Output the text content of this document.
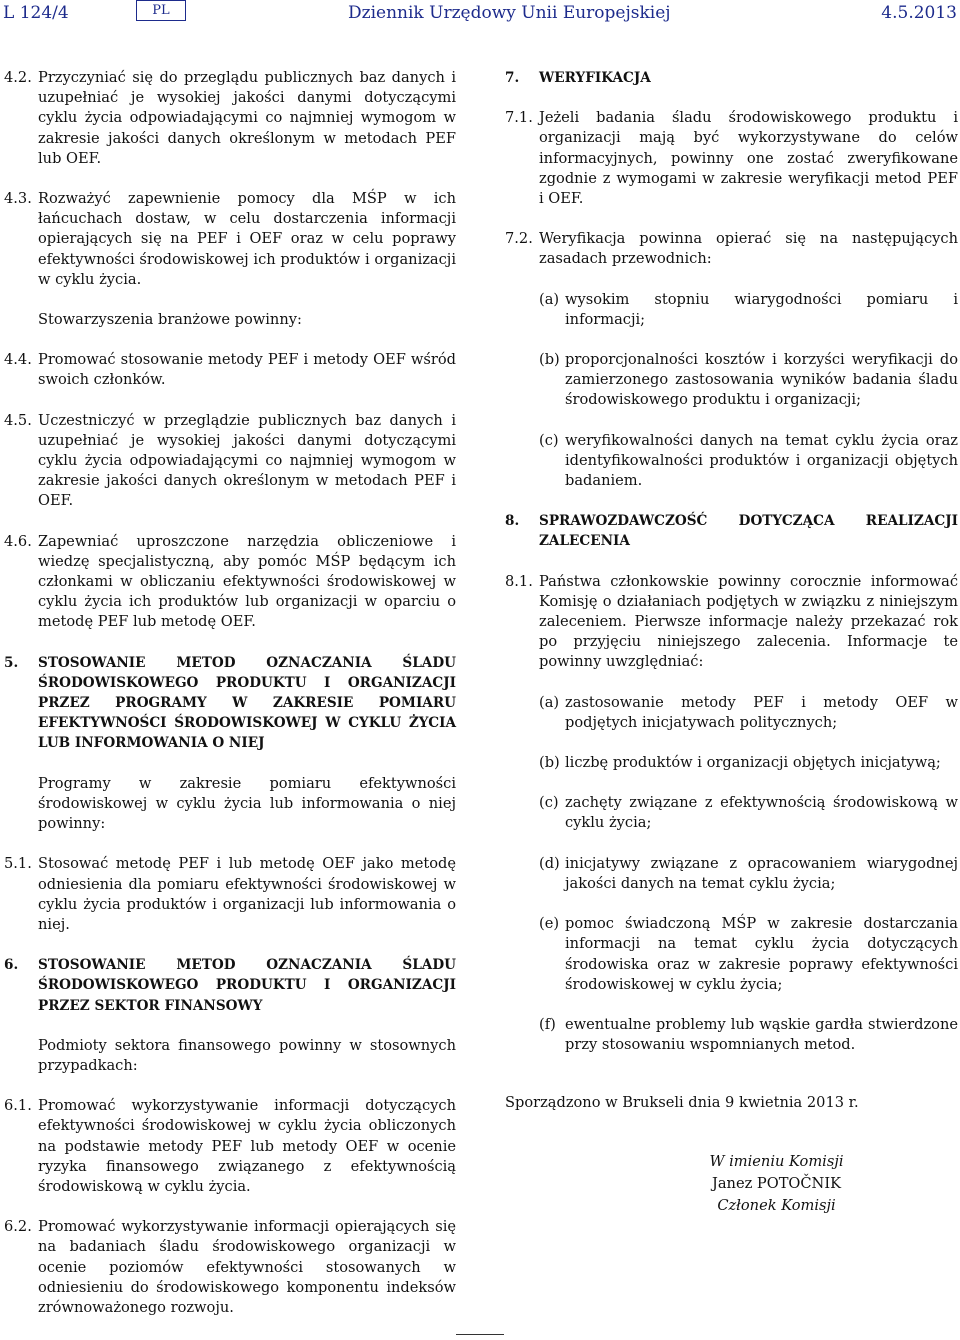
L 124/4	PL	Dziennik Urzędowy Unii Europejskiej	4.5.2013
4.2. Przyczyniać się do przeglądu publicznych baz danych i uzupełniać je wysokiej jakości danymi dotyczącymi cyklu życia odpowiadającymi co najmniej wymogom w zakresie jakości danych określonym w metodach PEF lub OEF.
4.3. Rozważyć zapewnienie pomocy dla MŚP w ich łańcuchach dostaw, w celu dostarczenia informacji opierających się na PEF i OEF oraz w celu poprawy efektywności środowiskowej ich produktów i organizacji w cyklu życia.
Stowarzyszenia branżowe powinny:
4.4. Promować stosowanie metody PEF i metody OEF wśród swoich członków.
4.5. Uczestniczyć w przeglądzie publicznych baz danych i uzupełniać je wysokiej jakości danymi dotyczącymi cyklu życia odpowiadającymi co najmniej wymogom w zakresie jakości danych określonym w metodach PEF i OEF.
4.6. Zapewniać uproszczone narzędzia obliczeniowe i wiedzę specjalistyczną, aby pomóc MŚP będącym ich członkami w obliczaniu efektywności środowiskowej w cyklu życia ich produktów lub organizacji w oparciu o metodę PEF lub metodę OEF.
5. STOSOWANIE METOD OZNACZANIA ŚLADU ŚRODOWISKOWEGO PRODUKTU I ORGANIZACJI PRZEZ PROGRAMY W ZAKRESIE POMIARU EFEKTYWNOŚCI ŚRODOWISKOWEJ W CYKLU ŻYCIA LUB INFORMOWANIA O NIEJ
Programy w zakresie pomiaru efektywności środowiskowej w cyklu życia lub informowania o niej powinny:
5.1. Stosować metodę PEF i lub metodę OEF jako metodę odniesienia dla pomiaru efektywności środowiskowej w cyklu życia produktów i organizacji lub informowania o niej.
6. STOSOWANIE METOD OZNACZANIA ŚLADU ŚRODOWISKOWEGO PRODUKTU I ORGANIZACJI PRZEZ SEKTOR FINANSOWY
Podmioty sektora finansowego powinny w stosownych przypadkach:
6.1. Promować wykorzystywanie informacji dotyczących efektywności środowiskowej w cyklu życia obliczonych na podstawie metody PEF lub metody OEF w ocenie ryzyka finansowego związanego z efektywnością środowiskową w cyklu życia.
6.2. Promować wykorzystywanie informacji opierających się na badaniach śladu środowiskowego organizacji w ocenie poziomów efektywności stosowanych w odniesieniu do środowiskowego komponentu indeksów zrównoważonego rozwoju.
7. WERYFIKACJA
7.1. Jeżeli badania śladu środowiskowego produktu i organizacji mają być wykorzystywane do celów informacyjnych, powinny one zostać zweryfikowane zgodnie z wymogami w zakresie weryfikacji metod PEF i OEF.
7.2. Weryfikacja powinna opierać się na następujących zasadach przewodnich:
(a) wysokim stopniu wiarygodności pomiaru i informacji;
(b) proporcjonalności kosztów i korzyści weryfikacji do zamierzonego zastosowania wyników badania śladu środowiskowego produktu i organizacji;
(c) weryfikowalności danych na temat cyklu życia oraz identyfikowalności produktów i organizacji objętych badaniem.
8. SPRAWOZDAWCZOŚĆ DOTYCZĄCA REALIZACJI ZALECENIA
8.1. Państwa członkowskie powinny corocznie informować Komisję o działaniach podjętych w związku z niniejszym zaleceniem. Pierwsze informacje należy przekazać rok po przyjęciu niniejszego zalecenia. Informacje te powinny uwzględniać:
(a) zastosowanie metody PEF i metody OEF w podjętych inicjatywach politycznych;
(b) liczbę produktów i organizacji objętych inicjatywą;
(c) zachęty związane z efektywnością środowiskową w cyklu życia;
(d) inicjatywy związane z opracowaniem wiarygodnej jakości danych na temat cyklu życia;
(e) pomoc świadczoną MŚP w zakresie dostarczania informacji na temat cyklu życia dotyczących środowiska oraz w zakresie poprawy efektywności środowiskowej w cyklu życia;
(f) ewentualne problemy lub wąskie gardła stwierdzone przy stosowaniu wspomnianych metod.
Sporządzono w Brukseli dnia 9 kwietnia 2013 r.
W imieniu Komisji
Janez POTOČNIK
Członek Komisji
